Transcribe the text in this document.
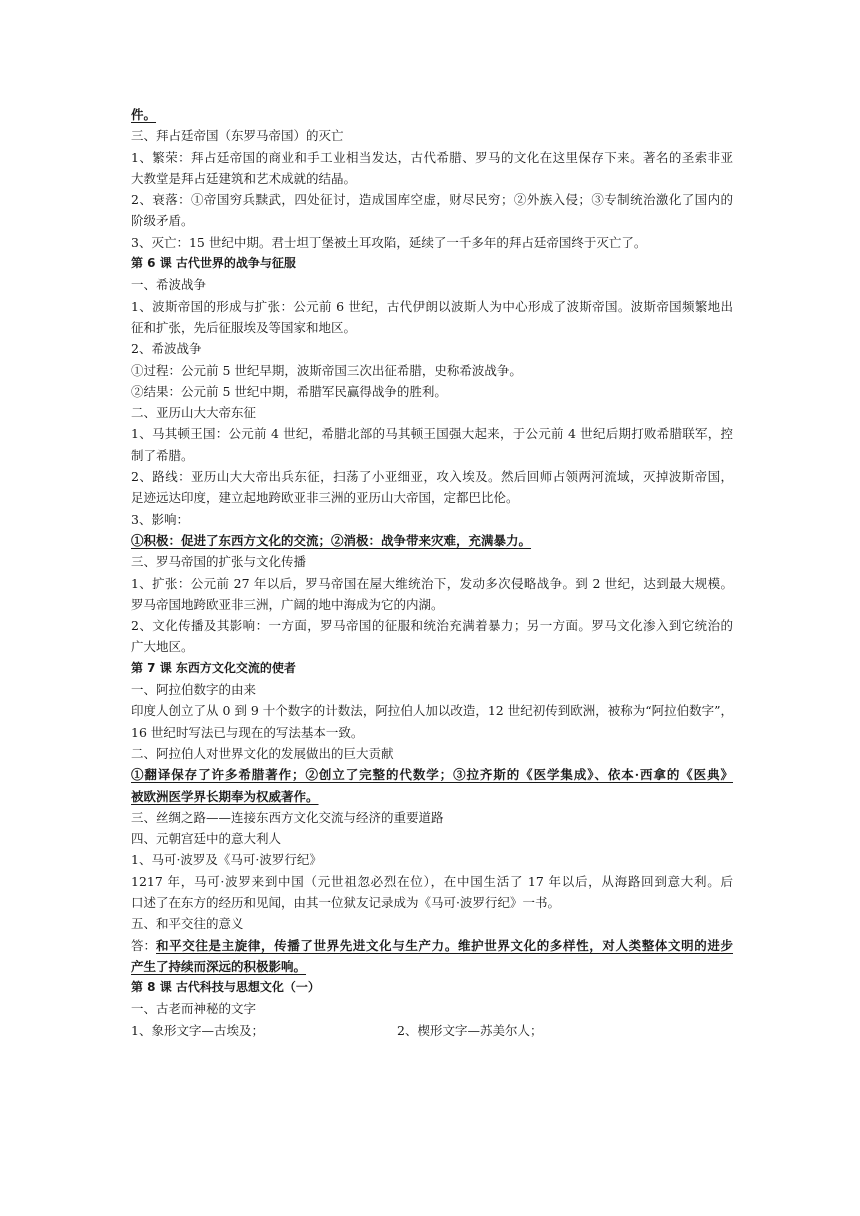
件。
三、拜占廷帝国（东罗马帝国）的灭亡
1、繁荣：拜占廷帝国的商业和手工业相当发达，古代希腊、罗马的文化在这里保存下来。著名的圣索非亚
大教堂是拜占廷建筑和艺术成就的结晶。
2、衰落：①帝国穷兵黩武，四处征讨，造成国库空虚，财尽民穷；②外族入侵；③专制统治激化了国内的
阶级矛盾。
3、灭亡：15 世纪中期。君士坦丁堡被土耳攻陷，延续了一千多年的拜占廷帝国终于灭亡了。
第 6 课 古代世界的战争与征服
一、希波战争
1、波斯帝国的形成与扩张：公元前 6 世纪，古代伊朗以波斯人为中心形成了波斯帝国。波斯帝国频繁地出
征和扩张，先后征服埃及等国家和地区。
2、希波战争
①过程：公元前 5 世纪早期，波斯帝国三次出征希腊，史称希波战争。
②结果：公元前 5 世纪中期，希腊军民赢得战争的胜利。
二、亚历山大大帝东征
1、马其顿王国：公元前 4 世纪，希腊北部的马其顿王国强大起来，于公元前 4 世纪后期打败希腊联军，控
制了希腊。
2、路线：亚历山大大帝出兵东征，扫荡了小亚细亚，攻入埃及。然后回师占领两河流域，灭掉波斯帝国，
足迹远达印度，建立起地跨欧亚非三洲的亚历山大帝国，定都巴比伦。
3、影响：
①积极：促进了东西方文化的交流；②消极：战争带来灾难，充满暴力。
三、罗马帝国的扩张与文化传播
1、扩张：公元前 27 年以后，罗马帝国在屋大维统治下，发动多次侵略战争。到 2 世纪，达到最大规模。
罗马帝国地跨欧亚非三洲，广阔的地中海成为它的内湖。
2、文化传播及其影响：一方面，罗马帝国的征服和统治充满着暴力；另一方面。罗马文化渗入到它统治的
广大地区。
第 7 课 东西方文化交流的使者
一、阿拉伯数字的由来
印度人创立了从 0 到 9 十个数字的计数法，阿拉伯人加以改造，12 世纪初传到欧洲，被称为“阿拉伯数字”，
16 世纪时写法已与现在的写法基本一致。
二、阿拉伯人对世界文化的发展做出的巨大贡献
①翻译保存了许多希腊著作；②创立了完整的代数学；③拉齐斯的《医学集成》、依本·西拿的《医典》
被欧洲医学界长期奉为权威著作。
三、丝绸之路——连接东西方文化交流与经济的重要道路
四、元朝宫廷中的意大利人
1、马可·波罗及《马可·波罗行纪》
1217 年，马可·波罗来到中国（元世祖忽必烈在位），在中国生活了 17 年以后，从海路回到意大利。后
口述了在东方的经历和见闻，由其一位狱友记录成为《马可·波罗行纪》一书。
五、和平交往的意义
答： 和平交往是主旋律，传播了世界先进文化与生产力。维护世界文化的多样性，对人类整体文明的进步
产生了持续而深远的积极影响。
第 8 课 古代科技与思想文化（一）
一、古老而神秘的文字
1、象形文字—古埃及；	2、楔形文字—苏美尔人；
